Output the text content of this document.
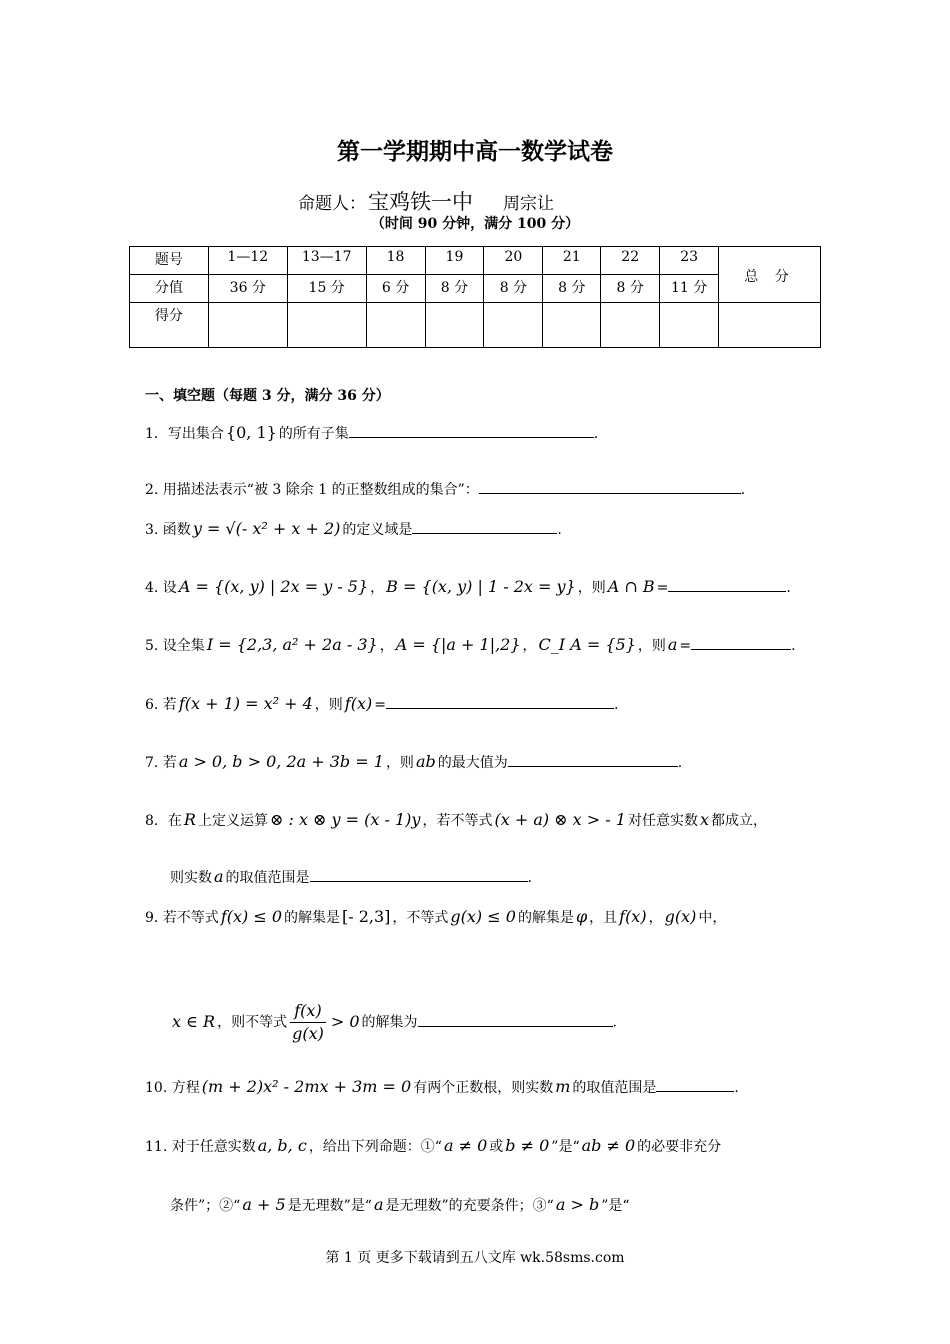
第一学期期中高一数学试卷
命题人：宝鸡铁一中 周宗让
（时间 90 分钟，满分 100 分）
题号	1—12	13—17	18	19	20	21	22	23	总 分
分值	36 分	15 分	6 分	8 分	8 分	8 分	8 分	11 分	
得分									
一、填空题（每题 3 分，满分 36 分）
1．写出集合 {0, 1} 的所有子集	.
2. 用描述法表示“被 3 除余 1 的正整数组成的集合”：	.
3. 函数 y = √(- x² + x + 2) 的定义域是	.
4. 设 A = {(x, y) | 2x = y - 5} ， B = {(x, y) | 1 - 2x = y} ，则 A ∩ B =	.
5. 设全集 I = {2,3, a² + 2a - 3} ， A = {|a + 1|,2} ， C_I A = {5} ，则 a =	.
6. 若 f(x + 1) = x² + 4 ，则 f(x) =	.
7. 若 a > 0, b > 0, 2a + 3b = 1 ，则 ab 的最大值为	.
8．在 R 上定义运算 ⊗ : x ⊗ y = (x - 1)y ，若不等式 (x + a) ⊗ x > - 1 对任意实数 x 都成立，
则实数 a 的取值范围是	.
9. 若不等式 f(x) ≤ 0 的解集是 [- 2,3] ，不等式 g(x) ≤ 0 的解集是 φ ，且 f(x) ， g(x) 中，
x ∈ R ，则不等式 $\frac{f(x)}{g(x)} > 0$ 的解集为	.
10. 方程 (m + 2)x² - 2mx + 3m = 0 有两个正数根，则实数 m 的取值范围是	.
11. 对于任意实数 a, b, c ，给出下列命题：①“ a ≠ 0 或 b ≠ 0 ”是“ ab ≠ 0 的必要非充分
条件”；②“ a + 5 是无理数”是“ a 是无理数”的充要条件；③“ a > b ”是“
第 1 页 更多下载请到五八文库 wk.58sms.com
